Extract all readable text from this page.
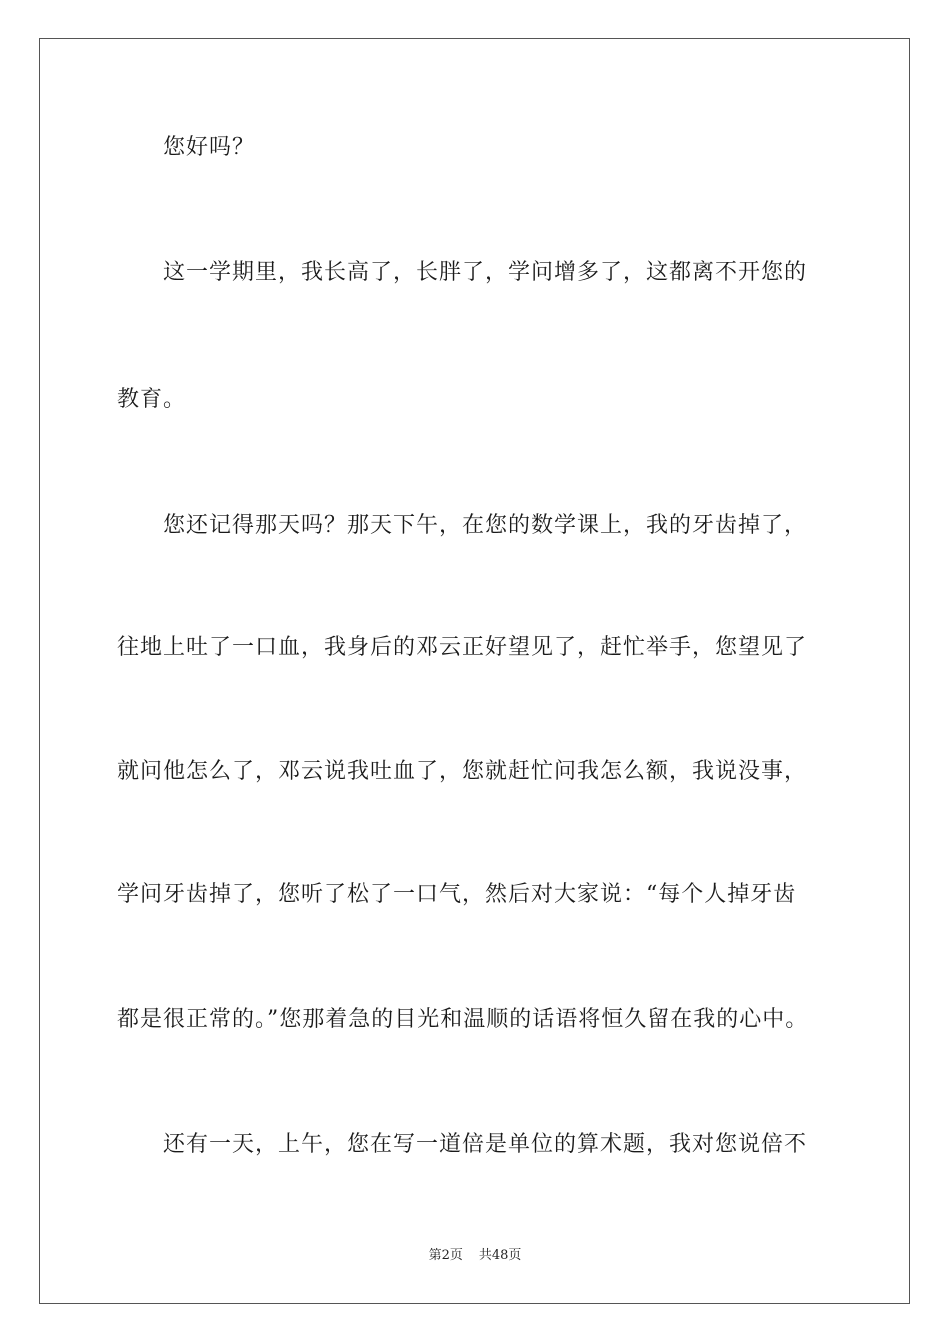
您好吗？
这一学期里，我长高了，长胖了，学问增多了，这都离不开您的
教育。
您还记得那天吗？那天下午，在您的数学课上，我的牙齿掉了，
往地上吐了一口血，我身后的邓云正好望见了，赶忙举手，您望见了
就问他怎么了，邓云说我吐血了，您就赶忙问我怎么额，我说没事，
学问牙齿掉了，您听了松了一口气，然后对大家说：“每个人掉牙齿
都是很正常的。”您那着急的目光和温顺的话语将恒久留在我的心中。
还有一天，上午，您在写一道倍是单位的算术题，我对您说倍不
第2页 共48页
